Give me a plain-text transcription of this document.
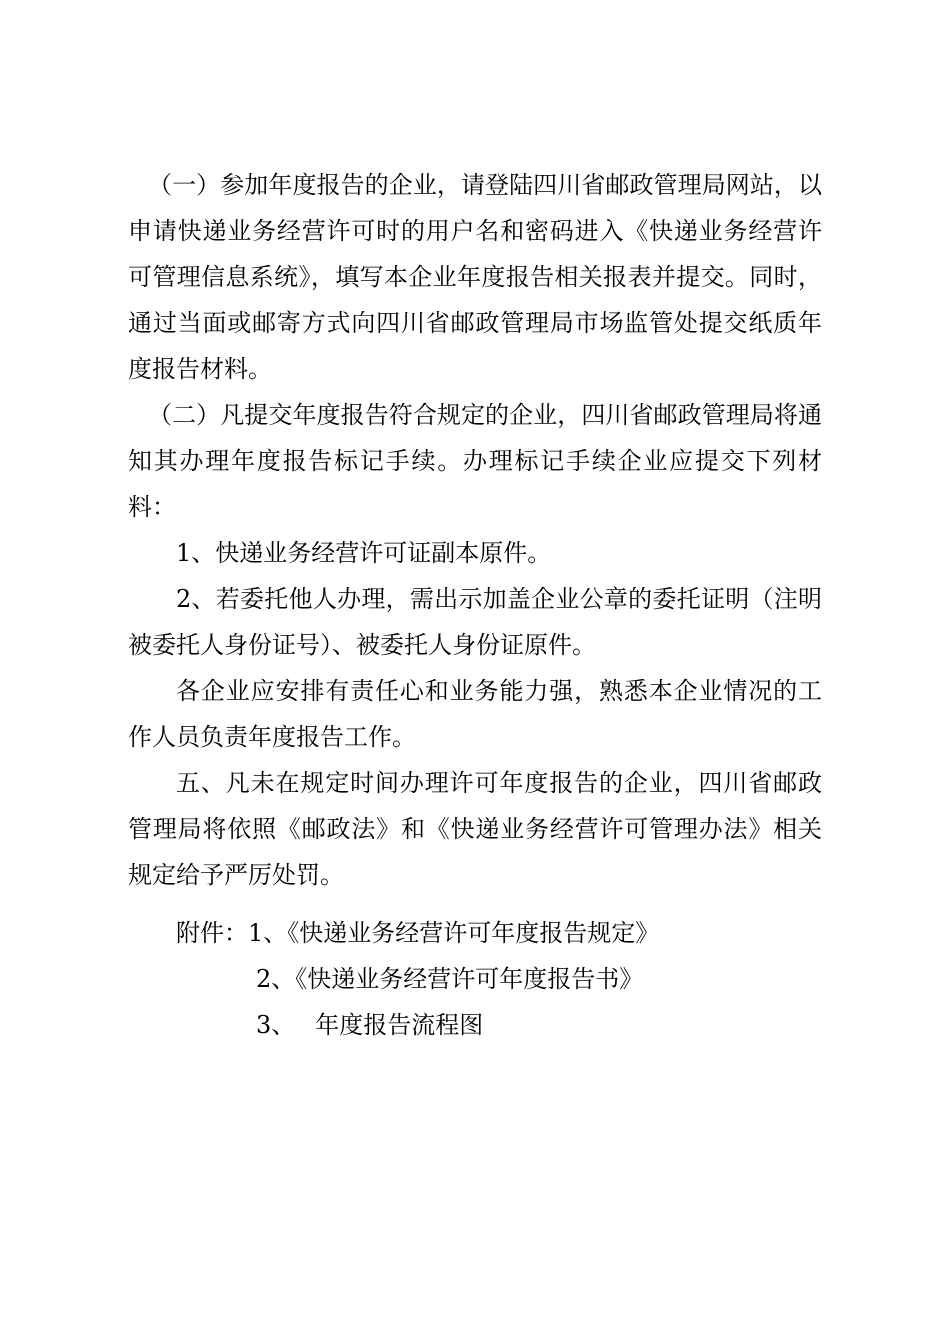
（一）参加年度报告的企业，请登陆四川省邮政管理局网站，以申请快递业务经营许可时的用户名和密码进入《快递业务经营许可管理信息系统》，填写本企业年度报告相关报表并提交。同时，通过当面或邮寄方式向四川省邮政管理局市场监管处提交纸质年度报告材料。

（二）凡提交年度报告符合规定的企业，四川省邮政管理局将通知其办理年度报告标记手续。办理标记手续企业应提交下列材料：

1、快递业务经营许可证副本原件。

2、若委托他人办理，需出示加盖企业公章的委托证明（注明被委托人身份证号）、被委托人身份证原件。

各企业应安排有责任心和业务能力强，熟悉本企业情况的工作人员负责年度报告工作。

五、凡未在规定时间办理许可年度报告的企业，四川省邮政管理局将依照《邮政法》和《快递业务经营许可管理办法》相关规定给予严厉处罚。

附件：1、《快递业务经营许可年度报告规定》
2、《快递业务经营许可年度报告书》
3、 年度报告流程图
